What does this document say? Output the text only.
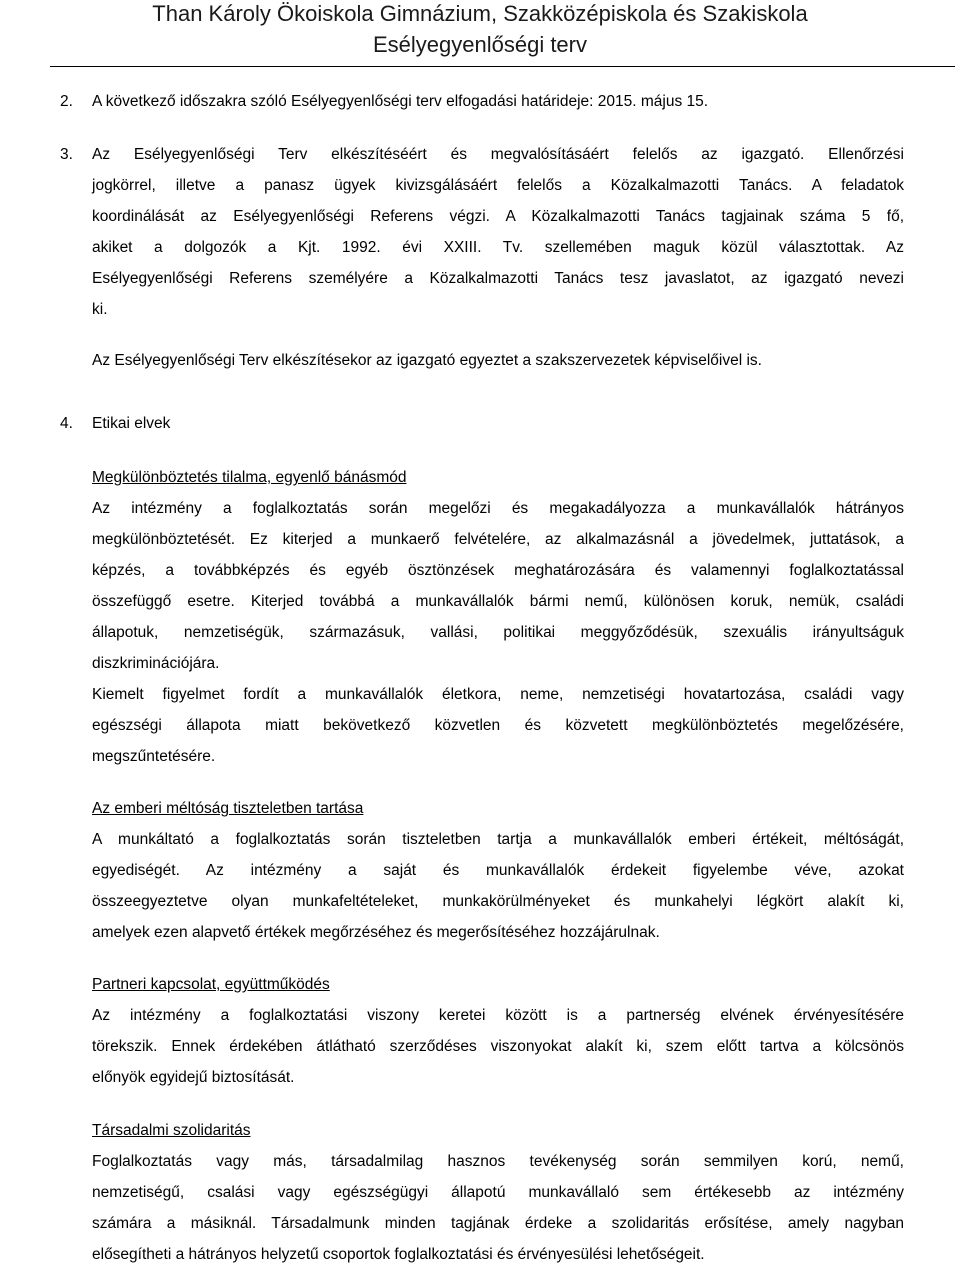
Than Károly Ökoiskola Gimnázium, Szakközépiskola és Szakiskola
Esélyegyenlőségi terv
2. A következő időszakra szóló Esélyegyenlőségi terv elfogadási határideje: 2015. május 15.
3. Az Esélyegyenlőségi Terv elkészítéséért és megvalósításáért felelős az igazgató. Ellenőrzési
jogkörrel, illetve a panasz ügyek kivizsgálásáért felelős a Közalkalmazotti Tanács. A feladatok
koordinálását az Esélyegyenlőségi Referens végzi. A Közalkalmazotti Tanács tagjainak száma 5 fő,
akiket a dolgozók a Kjt. 1992. évi XXIII. Tv. szellemében maguk közül választottak. Az
Esélyegyenlőségi Referens személyére a Közalkalmazotti Tanács tesz javaslatot, az igazgató nevezi
ki.
Az Esélyegyenlőségi Terv elkészítésekor az igazgató egyeztet a szakszervezetek képviselőivel is.
4. Etikai elvek
Megkülönböztetés tilalma, egyenlő bánásmód
Az intézmény a foglalkoztatás során megelőzi és megakadályozza a munkavállalók hátrányos
megkülönböztetését. Ez kiterjed a munkaerő felvételére, az alkalmazásnál a jövedelmek, juttatások, a
képzés, a továbbképzés és egyéb ösztönzések meghatározására és valamennyi foglalkoztatással
összefüggő esetre. Kiterjed továbbá a munkavállalók bármi nemű, különösen koruk, nemük, családi
állapotuk, nemzetiségük, származásuk, vallási, politikai meggyőződésük, szexuális irányultságuk
diszkriminációjára.
Kiemelt figyelmet fordít a munkavállalók életkora, neme, nemzetiségi hovatartozása, családi vagy
egészségi állapota miatt bekövetkező közvetlen és közvetett megkülönböztetés megelőzésére,
megszűntetésére.
Az emberi méltóság tiszteletben tartása
A munkáltató a foglalkoztatás során tiszteletben tartja a munkavállalók emberi értékeit, méltóságát,
egyediségét. Az intézmény a saját és munkavállalók érdekeit figyelembe véve, azokat
összeegyeztetve olyan munkafeltételeket, munkakörülményeket és munkahelyi légkört alakít ki,
amelyek ezen alapvető értékek megőrzéséhez és megerősítéséhez hozzájárulnak.
Partneri kapcsolat, együttműködés
Az intézmény a foglalkoztatási viszony keretei között is a partnerség elvének érvényesítésére
törekszik. Ennek érdekében átlátható szerződéses viszonyokat alakít ki, szem előtt tartva a kölcsönös
előnyök egyidejű biztosítását.
Társadalmi szolidaritás
Foglalkoztatás vagy más, társadalmilag hasznos tevékenység során semmilyen korú, nemű,
nemzetiségű, csalási vagy egészségügyi állapotú munkavállaló sem értékesebb az intézmény
számára a másiknál. Társadalmunk minden tagjának érdeke a szolidaritás erősítése, amely nagyban
elősegítheti a hátrányos helyzetű csoportok foglalkoztatási és érvényesülési lehetőségeit.
